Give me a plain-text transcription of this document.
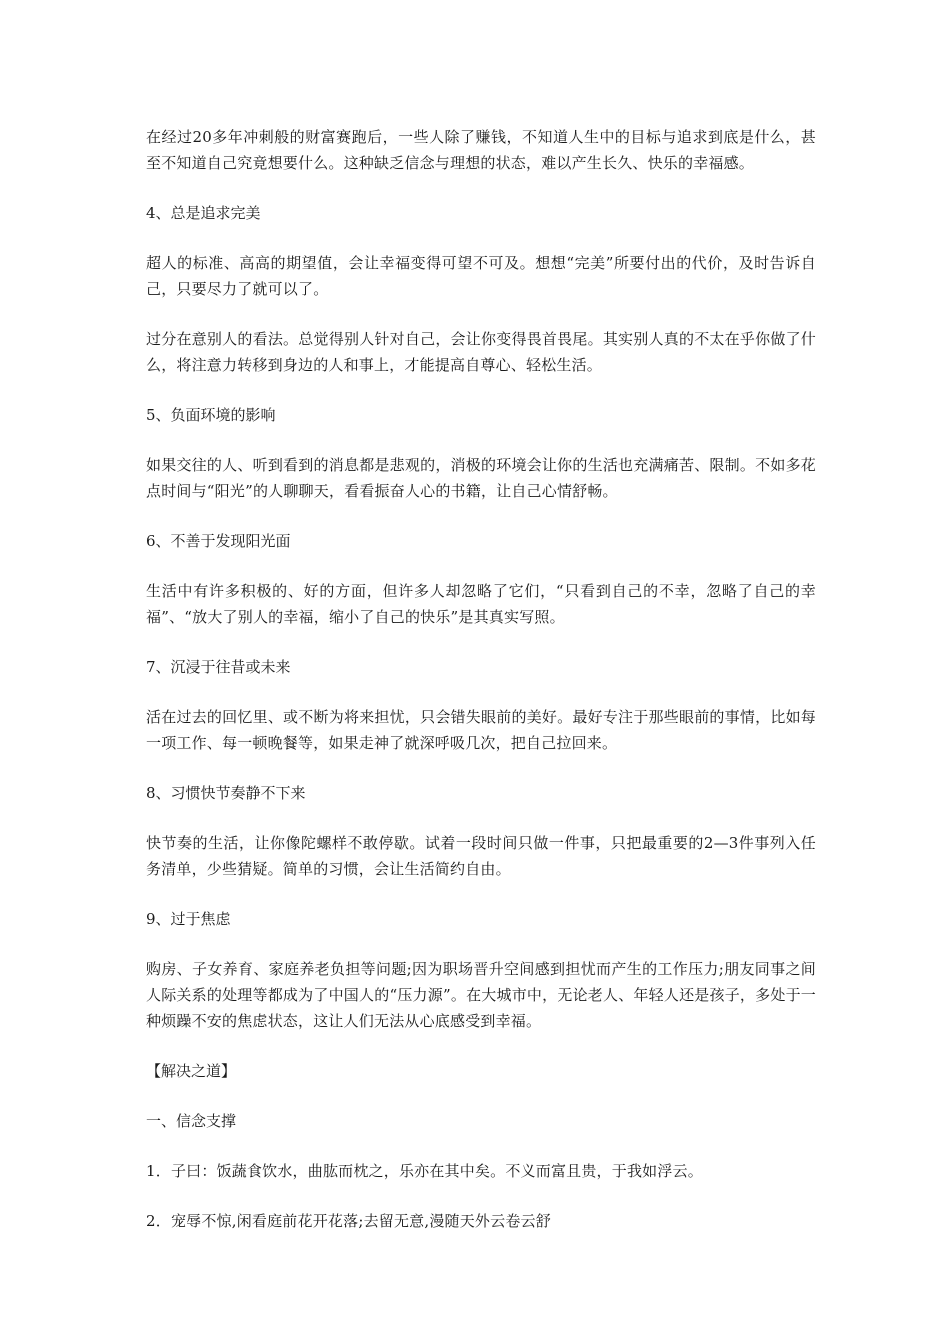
在经过20多年冲刺般的财富赛跑后，一些人除了赚钱，不知道人生中的目标与追求到底是什么，甚至不知道自己究竟想要什么。这种缺乏信念与理想的状态，难以产生长久、快乐的幸福感。

4、总是追求完美

超人的标准、高高的期望值，会让幸福变得可望不可及。想想“完美”所要付出的代价，及时告诉自己，只要尽力了就可以了。

过分在意别人的看法。总觉得别人针对自己，会让你变得畏首畏尾。其实别人真的不太在乎你做了什么，将注意力转移到身边的人和事上，才能提高自尊心、轻松生活。

5、负面环境的影响

如果交往的人、听到看到的消息都是悲观的，消极的环境会让你的生活也充满痛苦、限制。不如多花点时间与“阳光”的人聊聊天，看看振奋人心的书籍，让自己心情舒畅。

6、不善于发现阳光面

生活中有许多积极的、好的方面，但许多人却忽略了它们，“只看到自己的不幸，忽略了自己的幸福”、“放大了别人的幸福，缩小了自己的快乐”是其真实写照。

7、沉浸于往昔或未来

活在过去的回忆里、或不断为将来担忧，只会错失眼前的美好。最好专注于那些眼前的事情，比如每一项工作、每一顿晚餐等，如果走神了就深呼吸几次，把自己拉回来。

8、习惯快节奏静不下来

快节奏的生活，让你像陀螺样不敢停歇。试着一段时间只做一件事，只把最重要的2—3件事列入任务清单，少些猜疑。简单的习惯，会让生活简约自由。

9、过于焦虑

购房、子女养育、家庭养老负担等问题;因为职场晋升空间感到担忧而产生的工作压力;朋友同事之间人际关系的处理等都成为了中国人的“压力源”。在大城市中，无论老人、年轻人还是孩子，多处于一种烦躁不安的焦虑状态，这让人们无法从心底感受到幸福。

【解决之道】

一、信念支撑

1．子曰：饭蔬食饮水，曲肱而枕之，乐亦在其中矣。不义而富且贵，于我如浮云。

2．宠辱不惊,闲看庭前花开花落;去留无意,漫随天外云卷云舒
